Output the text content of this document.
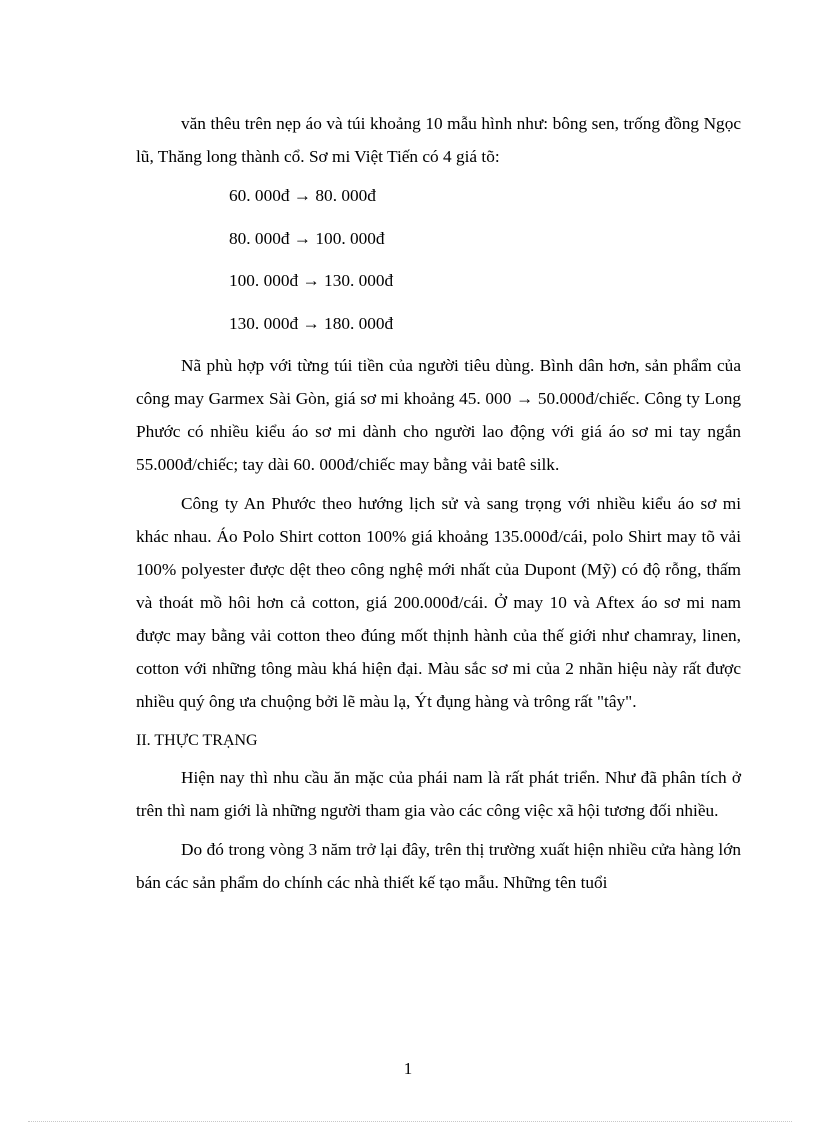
văn thêu trên nẹp áo và túi khoảng 10 mẫu hình như: bông sen, trống đồng Ngọc lũ, Thăng long thành cổ. Sơ mi Việt Tiến có 4 giá tõ:

60. 000đ → 80. 000đ
80. 000đ → 100. 000đ
100. 000đ → 130. 000đ
130. 000đ → 180. 000đ

Nã phù hợp với từng túi tiền của người tiêu dùng. Bình dân hơn, sản phẩm của công may Garmex Sài Gòn, giá sơ mi khoảng 45. 000 → 50.000đ/chiếc. Công ty Long Phước có nhiều kiểu áo sơ mi dành cho người lao động với giá áo sơ mi tay ngắn 55.000đ/chiếc; tay dài 60. 000đ/chiếc may bằng vải batê silk.

Công ty An Phước theo hướng lịch sử và sang trọng với nhiều kiểu áo sơ mi khác nhau. Áo Polo Shirt cotton 100% giá khoảng 135.000đ/cái, polo Shirt may tõ vải 100% polyester được dệt theo công nghệ mới nhất của Dupont (Mỹ) có độ rỗng, thấm và thoát mồ hôi hơn cả cotton, giá 200.000đ/cái. Ở may 10 và Aftex áo sơ mi nam được may bằng vải cotton theo đúng mốt thịnh hành của thế giới như chamray, linen, cotton với những tông màu khá hiện đại. Màu sắc sơ mi của 2 nhãn hiệu này rất được nhiều quý ông ưa chuộng bởi lẽ màu lạ, Ýt đụng hàng và trông rất "tây".

II. THỰC TRẠNG

Hiện nay thì nhu cầu ăn mặc của phái nam là rất phát triển. Như đã phân tích ở trên thì nam giới là những người tham gia vào các công việc xã hội tương đối nhiều.

Do đó trong vòng 3 năm trở lại đây, trên thị trường xuất hiện nhiều cửa hàng lớn bán các sản phẩm do chính các nhà thiết kế tạo mẫu. Những tên tuổi

1
